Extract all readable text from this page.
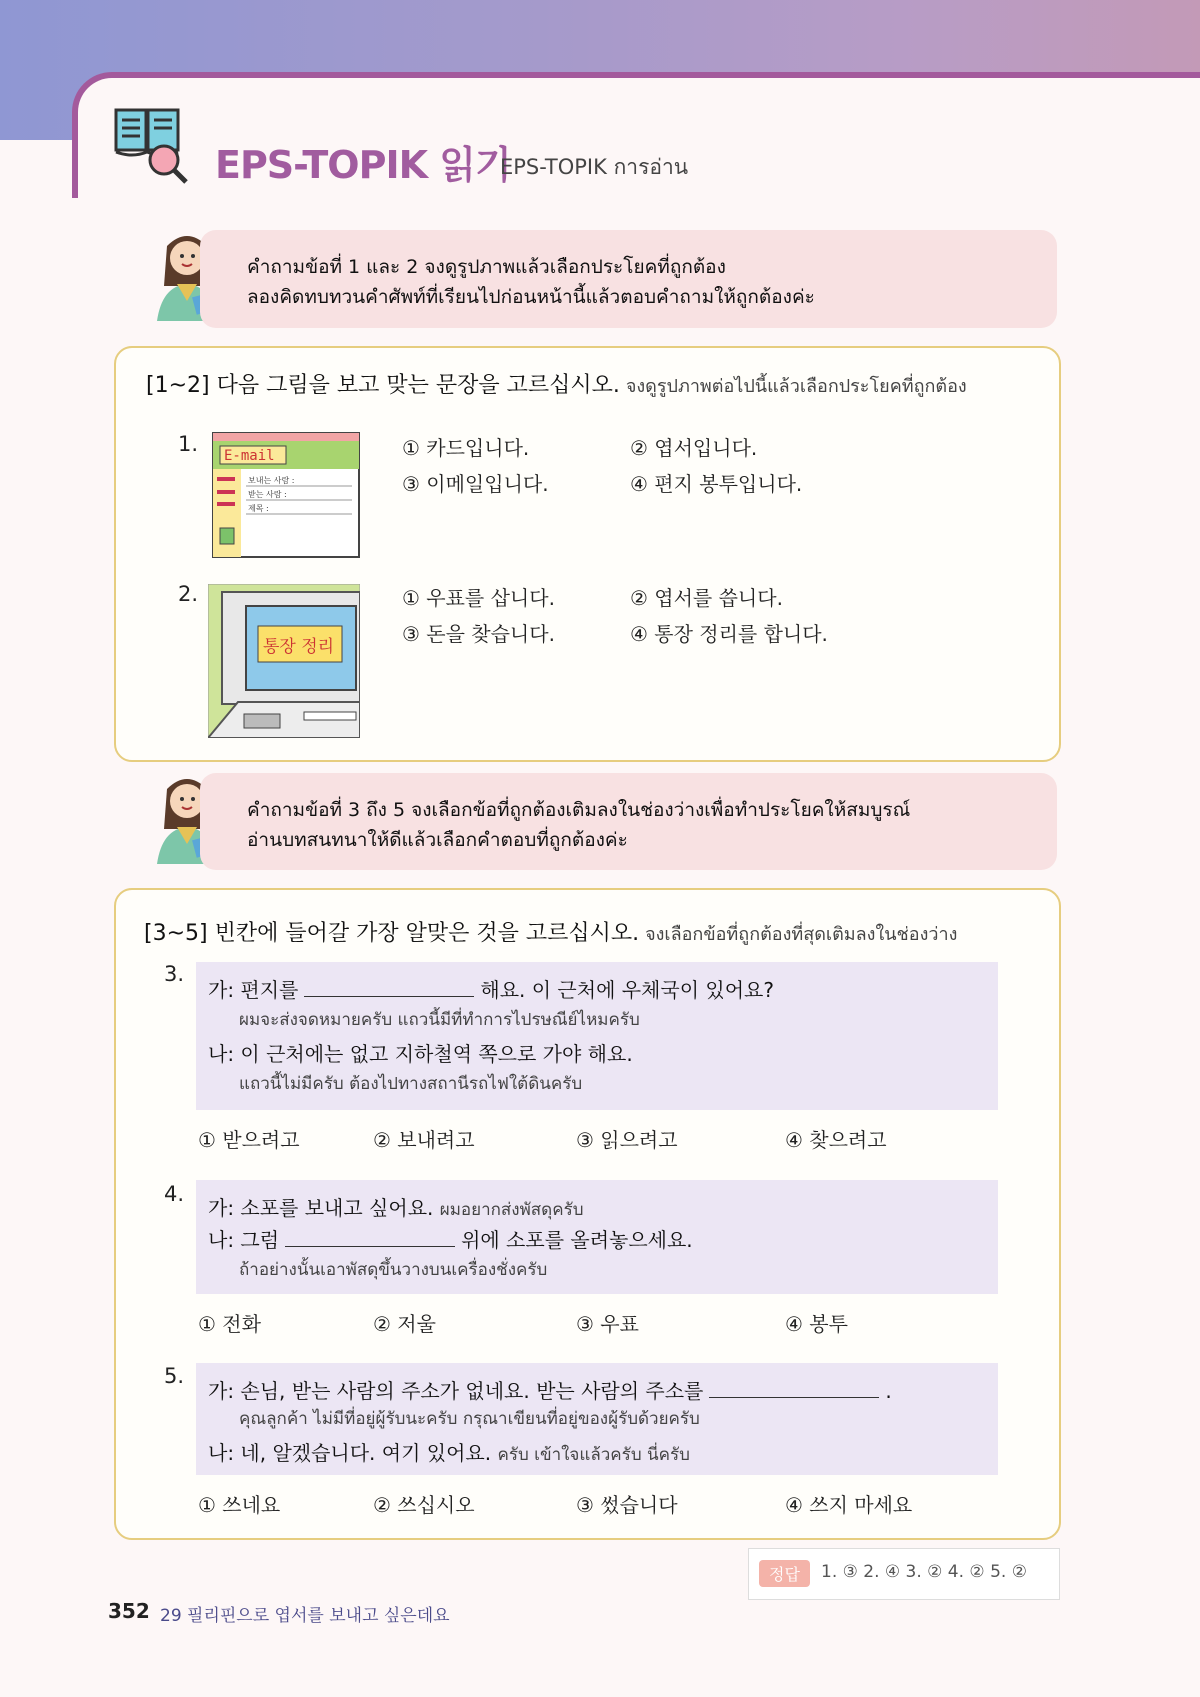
EPS-TOPIK 읽기
EPS-TOPIK การอ่าน

คำถามข้อที่ 1 และ 2 จงดูรูปภาพแล้วเลือกประโยคที่ถูกต้อง

ลองคิดทบทวนคำศัพท์ที่เรียนไปก่อนหน้านี้แล้วตอบคำถามให้ถูกต้องค่ะ

[1~2] 다음 그림을 보고 맞는 문장을 고르십시오. จงดูรูปภาพต่อไปนี้แล้วเลือกประโยคที่ถูกต้อง
1. E-mail
보내는 사람 :
받는 사람 :
제목 :
① 카드입니다.	② 엽서입니다.
③ 이메일입니다.	④ 편지 봉투입니다.
2.
통장 정리
① 우표를 삽니다.	② 엽서를 씁니다.
③ 돈을 찾습니다.	④ 통장 정리를 합니다.

คำถามข้อที่ 3 ถึง 5 จงเลือกข้อที่ถูกต้องเติมลงในช่องว่างเพื่อทำประโยคให้สมบูรณ์

อ่านบทสนทนาให้ดีแล้วเลือกคำตอบที่ถูกต้องค่ะ

[3~5] 빈칸에 들어갈 가장 알맞은 것을 고르십시오. จงเลือกข้อที่ถูกต้องที่สุดเติมลงในช่องว่าง
3.
가: 편지를	해요. 이 근처에 우체국이 있어요?
ผมจะส่งจดหมายครับ แถวนี้มีที่ทำการไปรษณีย์ไหมครับ
나: 이 근처에는 없고 지하철역 쪽으로 가야 해요.
แถวนี้ไม่มีครับ ต้องไปทางสถานีรถไฟใต้ดินครับ
① 받으려고	② 보내려고	③ 읽으려고	④ 찾으려고
4.
가: 소포를 보내고 싶어요. ผมอยากส่งพัสดุครับ
나: 그럼	위에 소포를 올려놓으세요.
ถ้าอย่างนั้นเอาพัสดุขึ้นวางบนเครื่องชั่งครับ
① 전화	② 저울	③ 우표	④ 봉투
5.
가: 손님, 받는 사람의 주소가 없네요. 받는 사람의 주소를	.
คุณลูกค้า ไม่มีที่อยู่ผู้รับนะครับ กรุณาเขียนที่อยู่ของผู้รับด้วยครับ
나: 네, 알겠습니다. 여기 있어요. ครับ เข้าใจแล้วครับ นี่ครับ
① 쓰네요	② 쓰십시오	③ 썼습니다	④ 쓰지 마세요
정답	1. ③ 2. ④ 3. ② 4. ② 5. ②
352 29 필리핀으로 엽서를 보내고 싶은데요
